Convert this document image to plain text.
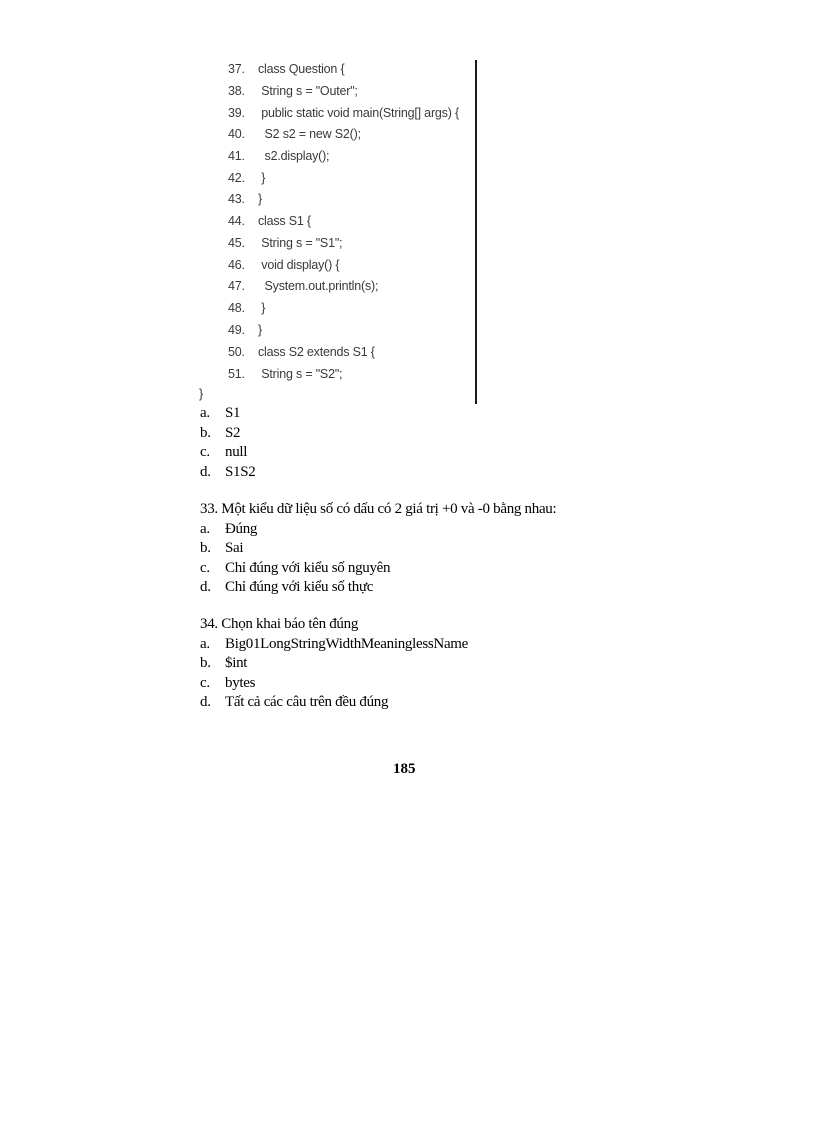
37. class Question {
38. String s = "Outer";
39. public static void main(String[] args) {
40.  S2 s2 = new S2();
41.  s2.display();
42. }
43. }
44. class S1 {
45. String s = "S1";
46. void display() {
47.  System.out.println(s);
48. }
49. }
50. class S2 extends S1 {
51. String s = "S2";
}
a. S1
b. S2
c. null
d. S1S2
33. Một kiểu dữ liệu số có dấu có 2 giá trị +0 và -0 bằng nhau:
a. Đúng
b. Sai
c. Chỉ đúng với kiểu số nguyên
d. Chỉ đúng với kiểu số thực
34. Chọn khai báo tên đúng
a. Big01LongStringWidthMeaninglessName
b. $int
c. bytes
d. Tất cả các câu trên đều đúng
185
